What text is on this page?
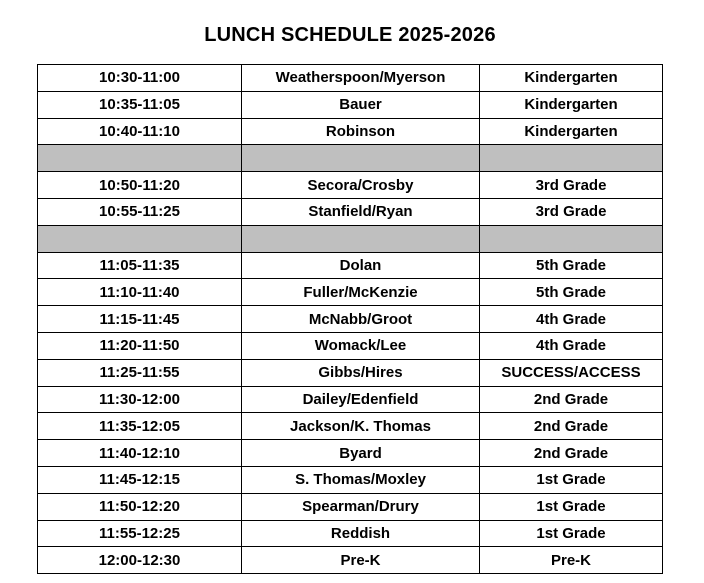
LUNCH SCHEDULE 2025-2026
10:30-11:00	Weatherspoon/Myerson	Kindergarten
10:35-11:05	Bauer	Kindergarten
10:40-11:10	Robinson	Kindergarten

10:50-11:20	Secora/Crosby	3rd Grade
10:55-11:25	Stanfield/Ryan	3rd Grade

11:05-11:35	Dolan	5th Grade
11:10-11:40	Fuller/McKenzie	5th Grade
11:15-11:45	McNabb/Groot	4th Grade
11:20-11:50	Womack/Lee	4th Grade
11:25-11:55	Gibbs/Hires	SUCCESS/ACCESS
11:30-12:00	Dailey/Edenfield	2nd Grade
11:35-12:05	Jackson/K. Thomas	2nd Grade
11:40-12:10	Byard	2nd Grade
11:45-12:15	S. Thomas/Moxley	1st Grade
11:50-12:20	Spearman/Drury	1st Grade
11:55-12:25	Reddish	1st Grade
12:00-12:30	Pre-K	Pre-K
